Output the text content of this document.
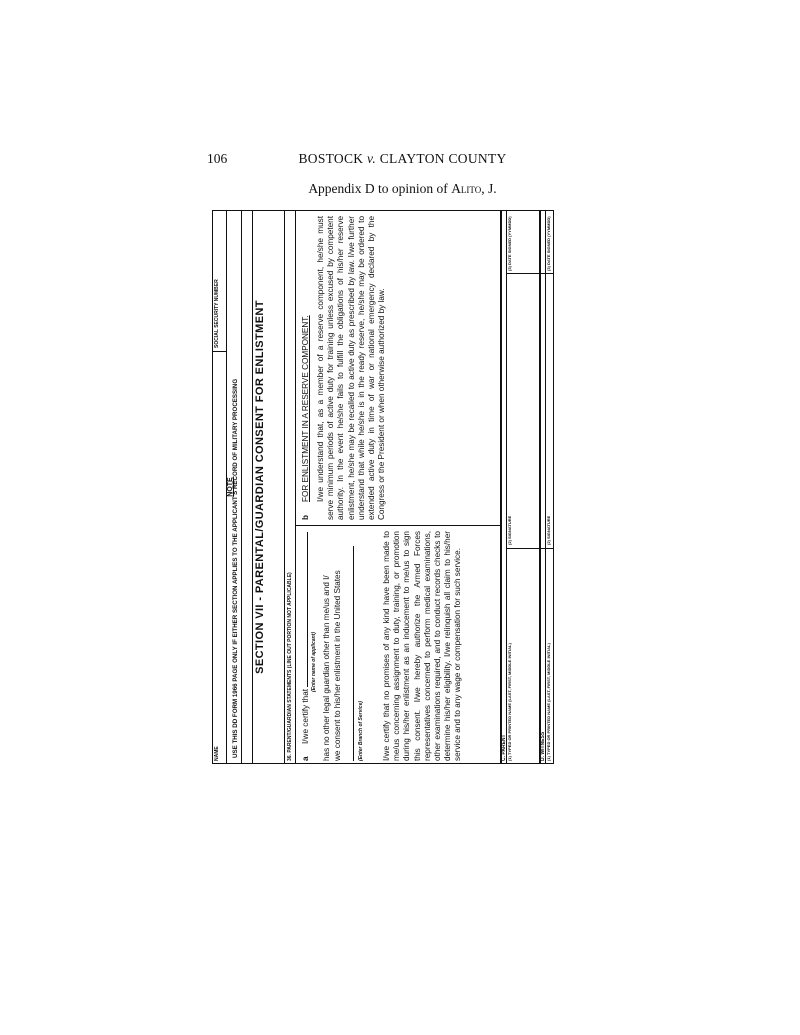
106	BOSTOCK v. CLAYTON COUNTY
Appendix D to opinion of Alito, J.
NAME
SOCIAL SECURITY NUMBER
NOTE
USE THIS DD FORM 1966 PAGE ONLY IF EITHER SECTION APPLIES TO THE APPLICANT'S RECORD OF MILITARY PROCESSING SECTION VII - PARENTAL/GUARDIAN CONSENT FOR ENLISTMENT	36. PARENT/GUARDIAN STATEMENTS (LINE OUT PORTION NOT APPLICABLE) a
I/we certify that
(Enter name of applicant) has no other legal guardian other than me/us and I/ we consent to his/her enlistment in the United States	(Enter Branch of Service) I/we certify that no promises of any kind have been made to me/us concerning assignment to duty, training, or promotion during his/her enlistment as an inducement to me/us to sign this consent. I/we hereby authorize the Armed Forces representatives concerned to perform medical examinations, other examinations required, and to conduct records checks to determine his/her eligibility. I/we relinquish all claim to his/her service and to any wage or compensation for such service.
b
FOR ENLISTMENT IN A RESERVE COMPONENT. I/we understand that, as a member of a reserve component, he/she must serve minimum periods of active duty for training unless excused by competent authority. In the event he/she fails to fulfill the obligations of his/her reserve enlistment, he/she may be recalled to active duty as prescribed by law. I/we further understand that while he/she is in the ready reserve, he/she may be ordered to extended active duty in time of war or national emergency declared by the Congress or the President or when otherwise authorized by law.
C. PARENT (1) TYPED OR PRINTED NAME (LAST, FIRST, MIDDLE INITIAL)
(2) SIGNATURE
(3) DATE SIGNED (YYMMDD)
D. WITNESS (1) TYPED OR PRINTED NAME (LAST, FIRST, MIDDLE INITIAL)
(2) SIGNATURE
(3) DATE SIGNED (YYMMDD)
